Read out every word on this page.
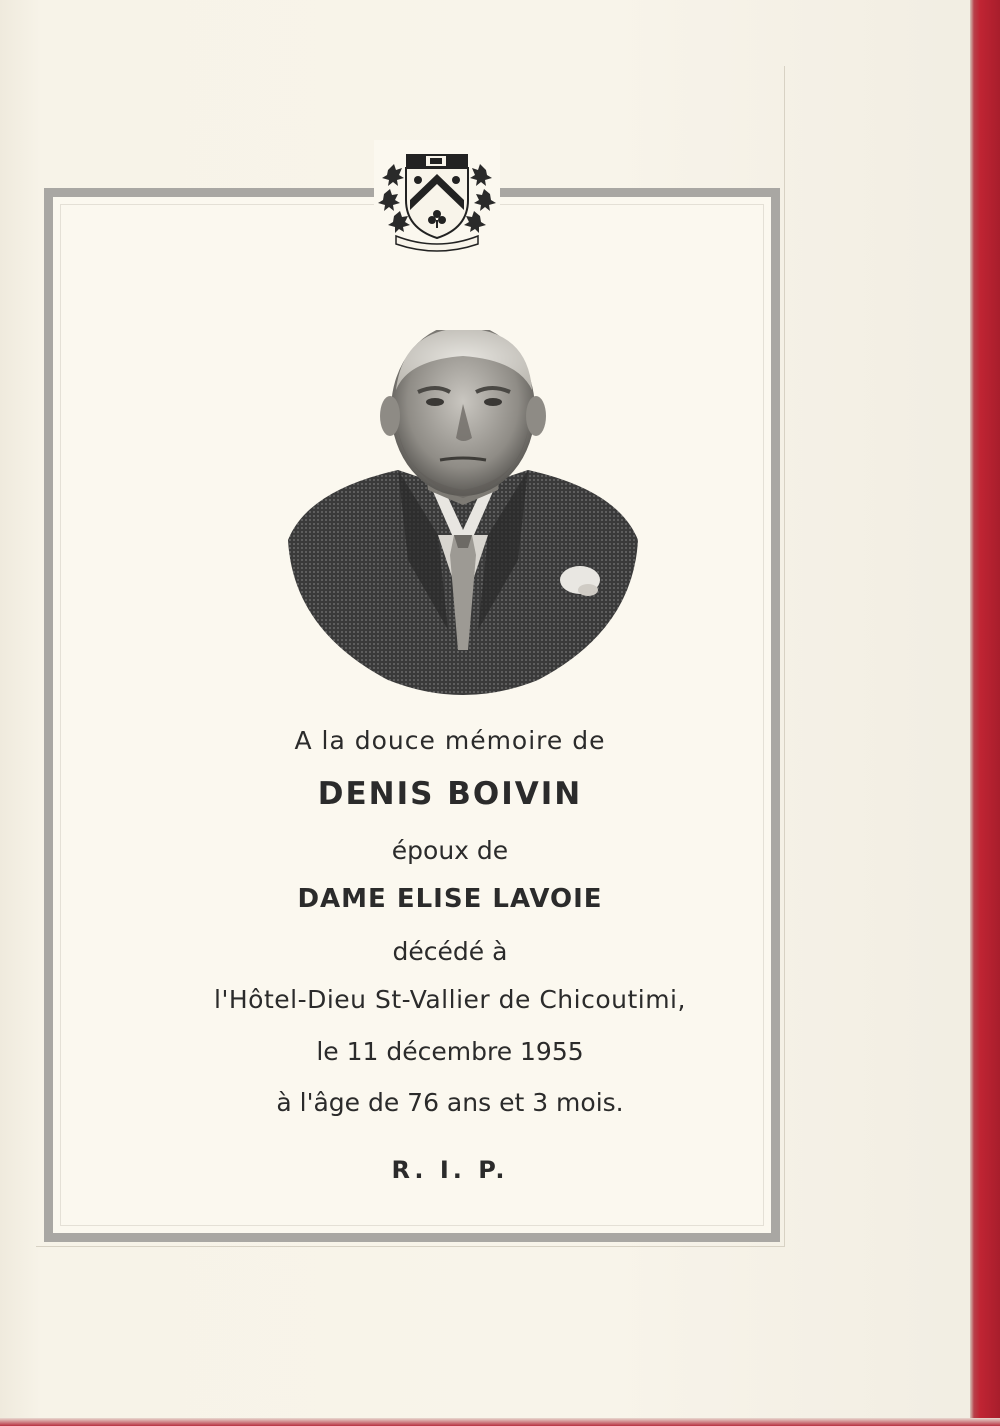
A la douce mémoire de
DENIS BOIVIN
époux de
DAME ELISE LAVOIE
décédé à
l'Hôtel-Dieu St-Vallier de Chicoutimi,
le 11 décembre 1955
à l'âge de 76 ans et 3 mois.
R. I. P.
